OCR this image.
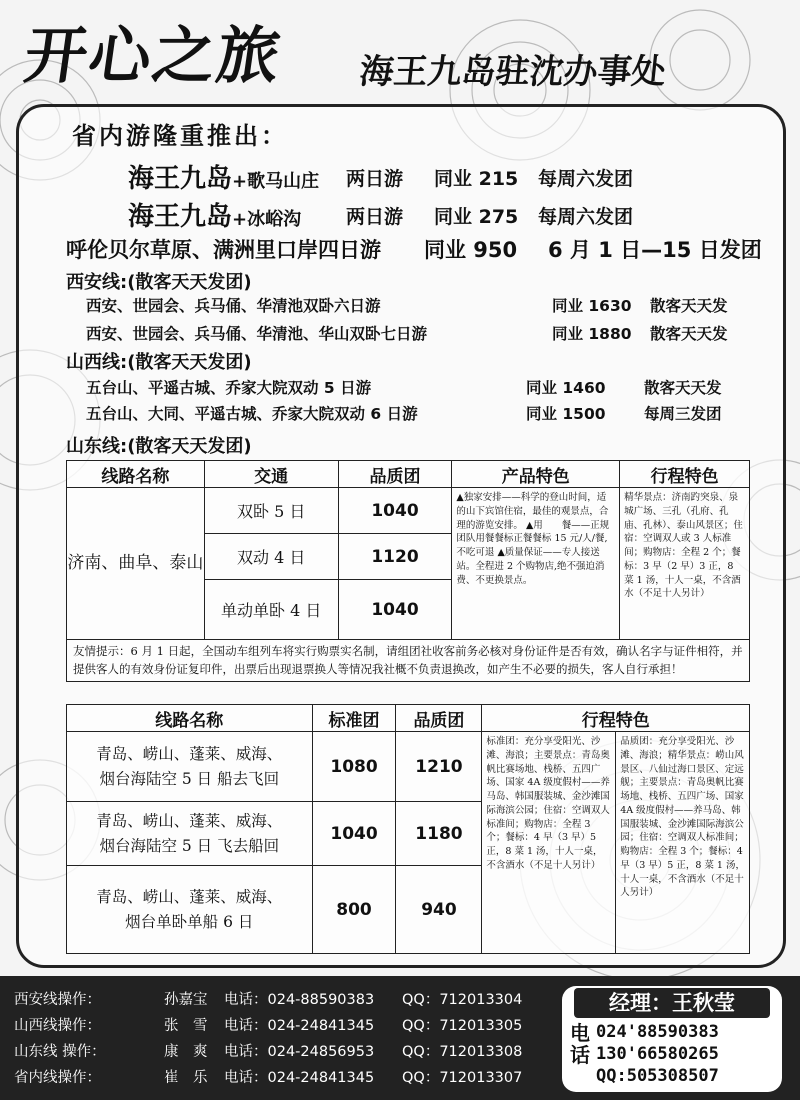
开心之旅 海王九岛驻沈办事处
省内游隆重推出：
海王九岛+歌马山庄 两日游 同业 215 每周六发团
海王九岛+冰峪沟 两日游 同业 275 每周六发团
呼伦贝尔草原、满洲里口岸四日游 同业 950 6 月 1 日—15 日发团
西安线:(散客天天发团)
西安、世园会、兵马俑、华清池双卧六日游	同业 1630 散客天天发
西安、世园会、兵马俑、华清池、华山双卧七日游	同业 1880 散客天天发
山西线:(散客天天发团)
五台山、平遥古城、乔家大院双动 5 日游	同业 1460 散客天天发
五台山、大同、平遥古城、乔家大院双动 6 日游	同业 1500 每周三发团
山东线:(散客天天发团)
线路名称	交通	品质团	产品特色	行程特色
济南、曲阜、泰山	双卧 5 日	1040	▲独家安排——科学的登山时间，适的山下宾馆住宿，最佳的观景点，合理的游览安排。 ▲用　　餐——正规团队用餐餐标正餐餐标 15 元/人/餐,不吃可退 ▲质量保证——专人接送站。全程进 2 个购物店,绝不强迫消费、不更换景点。	精华景点：济南趵突泉、泉城广场、三孔（孔府、孔庙、孔林）、泰山风景区；住宿：空调双人或 3 人标准间；购物店：全程 2 个；餐标：3 早（2 早）3 正，8 菜 1 汤，十人一桌，不含酒水（不足十人另计）
	双动 4 日	1120		
	单动单卧 4 日	1040		
友情提示：6 月 1 日起，全国动车组列车将实行购票实名制，请组团社收客前务必核对身份证件是否有效，确认名字与证件相符，并提供客人的有效身份证复印件，出票后出现退票换人等情况我社概不负责退换改，如产生不必要的损失，客人自行承担！				
线路名称	标准团	品质团	行程特色	

青岛、崂山、蓬莱、威海、
烟台海陆空 5 日 船去飞回	1080	1210	标准团：充分享受阳光、沙滩、海浪；主要景点：青岛奥帆比赛场地、栈桥、五四广场、国家 4A 级度假村——养马岛、韩国服装城、金沙滩国际海滨公园；住宿：空调双人标准间；购物店：全程 3 个；餐标：4 早（3 早）5 正，8 菜 1 汤，十人一桌，不含酒水（不足十人另计）	品质团：充分享受阳光、沙滩、海浪；精华景点：崂山风景区、八仙过海口景区、定远舰；主要景点：青岛奥帆比赛场地、栈桥、五四广场、国家 4A 级度假村——养马岛、韩国服装城、金沙滩国际海滨公园；住宿：空调双人标准间；购物店：全程 3 个；餐标：4 早（3 早）5 正，8 菜 1 汤，十人一桌，不含酒水（不足十人另计）

青岛、崂山、蓬莱、威海、
烟台海陆空 5 日 飞去船回	1040	1180		

青岛、崂山、蓬莱、威海、
烟台单卧单船 6 日	800	940		
西安线操作：	孙嘉宝 电话：024-88590383 QQ：712013304
山西线操作：	张　雪 电话：024-24841345 QQ：712013305
山东线 操作：	康　爽 电话：024-24856953 QQ：712013308
省内线操作：	崔　乐 电话：024-24841345 QQ：712013307
经理：王秋莹
电话
024'88590383
130'66580265
QQ:505308507
